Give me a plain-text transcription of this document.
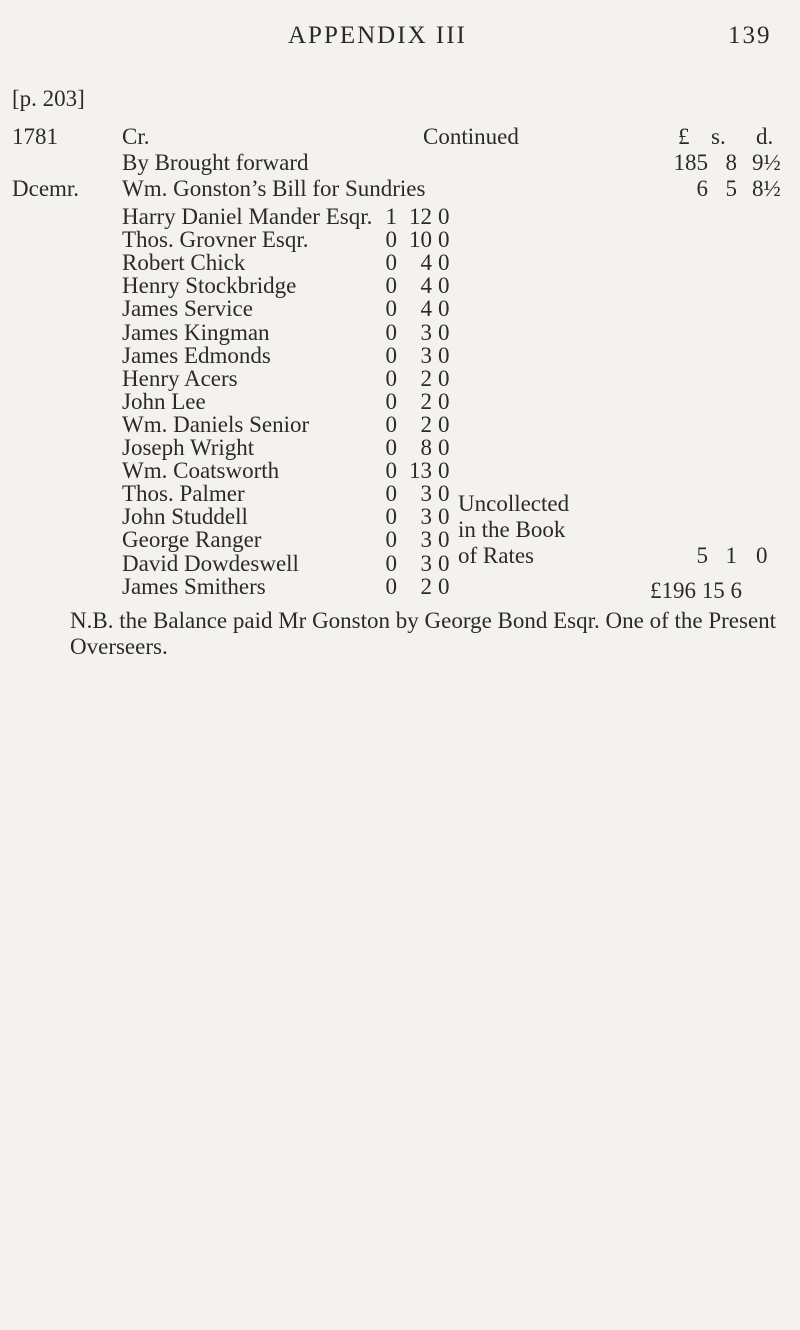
APPENDIX III	139
[p. 203]
1781	Cr.	Continued	£ s. d.
By Brought forward	185 8 9½
Dcemr. Wm. Gonston’s Bill for Sundries	6 5 8½
Harry Daniel Mander Esqr. 1 12 0
Thos. Grovner Esqr.	0 10 0
Robert Chick	0	4 0
Henry Stockbridge	0	4 0
James Service	0	4 0
James Kingman	0	3 0
James Edmonds	0	3 0
Henry Acers	0	2 0
John Lee	0	2 0
Wm. Daniels Senior	0	2 0
Joseph Wright	0	8 0
Wm. Coatsworth	0 13 0
Thos. Palmer	0	3 0
John Studdell	0	3 0
George Ranger	0	3 0
David Dowdeswell	0	3 0
James Smithers	0	2 0
Uncollected
in the Book
of Rates	5 1 0
£196 15 6
N.B. the Balance paid Mr Gonston by George Bond Esqr. One of the Present
Overseers.
